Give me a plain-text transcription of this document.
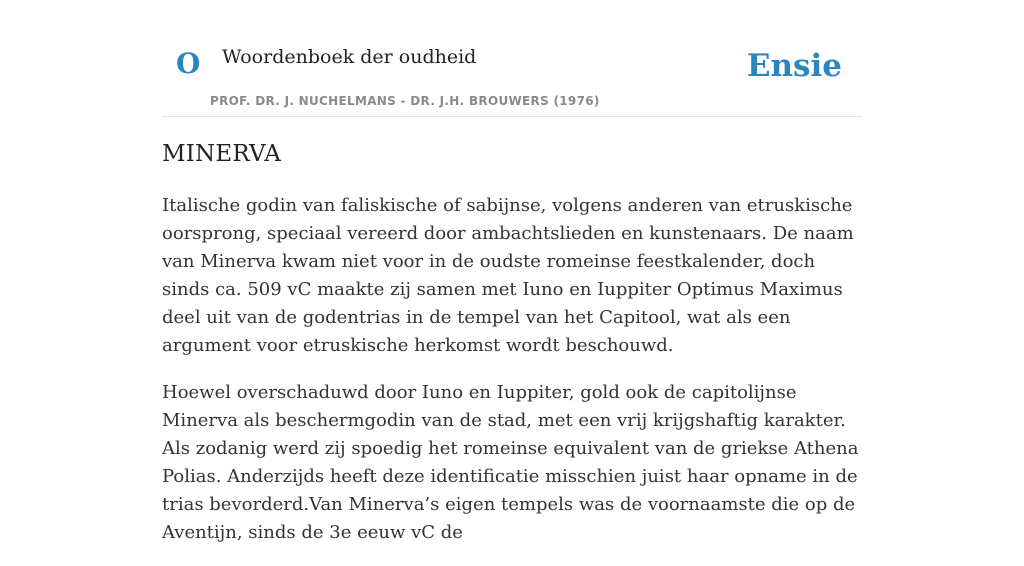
O Woordenboek der oudheid
PROF. DR. J. NUCHELMANS - DR. J.H. BROUWERS (1976)
Ensie
MINERVA

Italische godin van faliskische of sabijnse, volgens anderen van etruskische oorsprong, speciaal vereerd door ambachtslieden en kunstenaars. De naam van Minerva kwam niet voor in de oudste romeinse feestkalender, doch sinds ca. 509 vC maakte zij samen met Iuno en Iuppiter Optimus Maximus deel uit van de godentrias in de tempel van het Capitool, wat als een argument voor etruskische herkomst wordt beschouwd.

Hoewel overschaduwd door Iuno en Iuppiter, gold ook de capitolijnse Minerva als beschermgodin van de stad, met een vrij krijgshaftig karakter. Als zodanig werd zij spoedig het romeinse equivalent van de griekse Athena Polias. Anderzijds heeft deze identificatie misschien juist haar opname in de trias bevorderd.Van Minerva’s eigen tempels was de voornaamste die op de Aventijn, sinds de 3e eeuw vC de
